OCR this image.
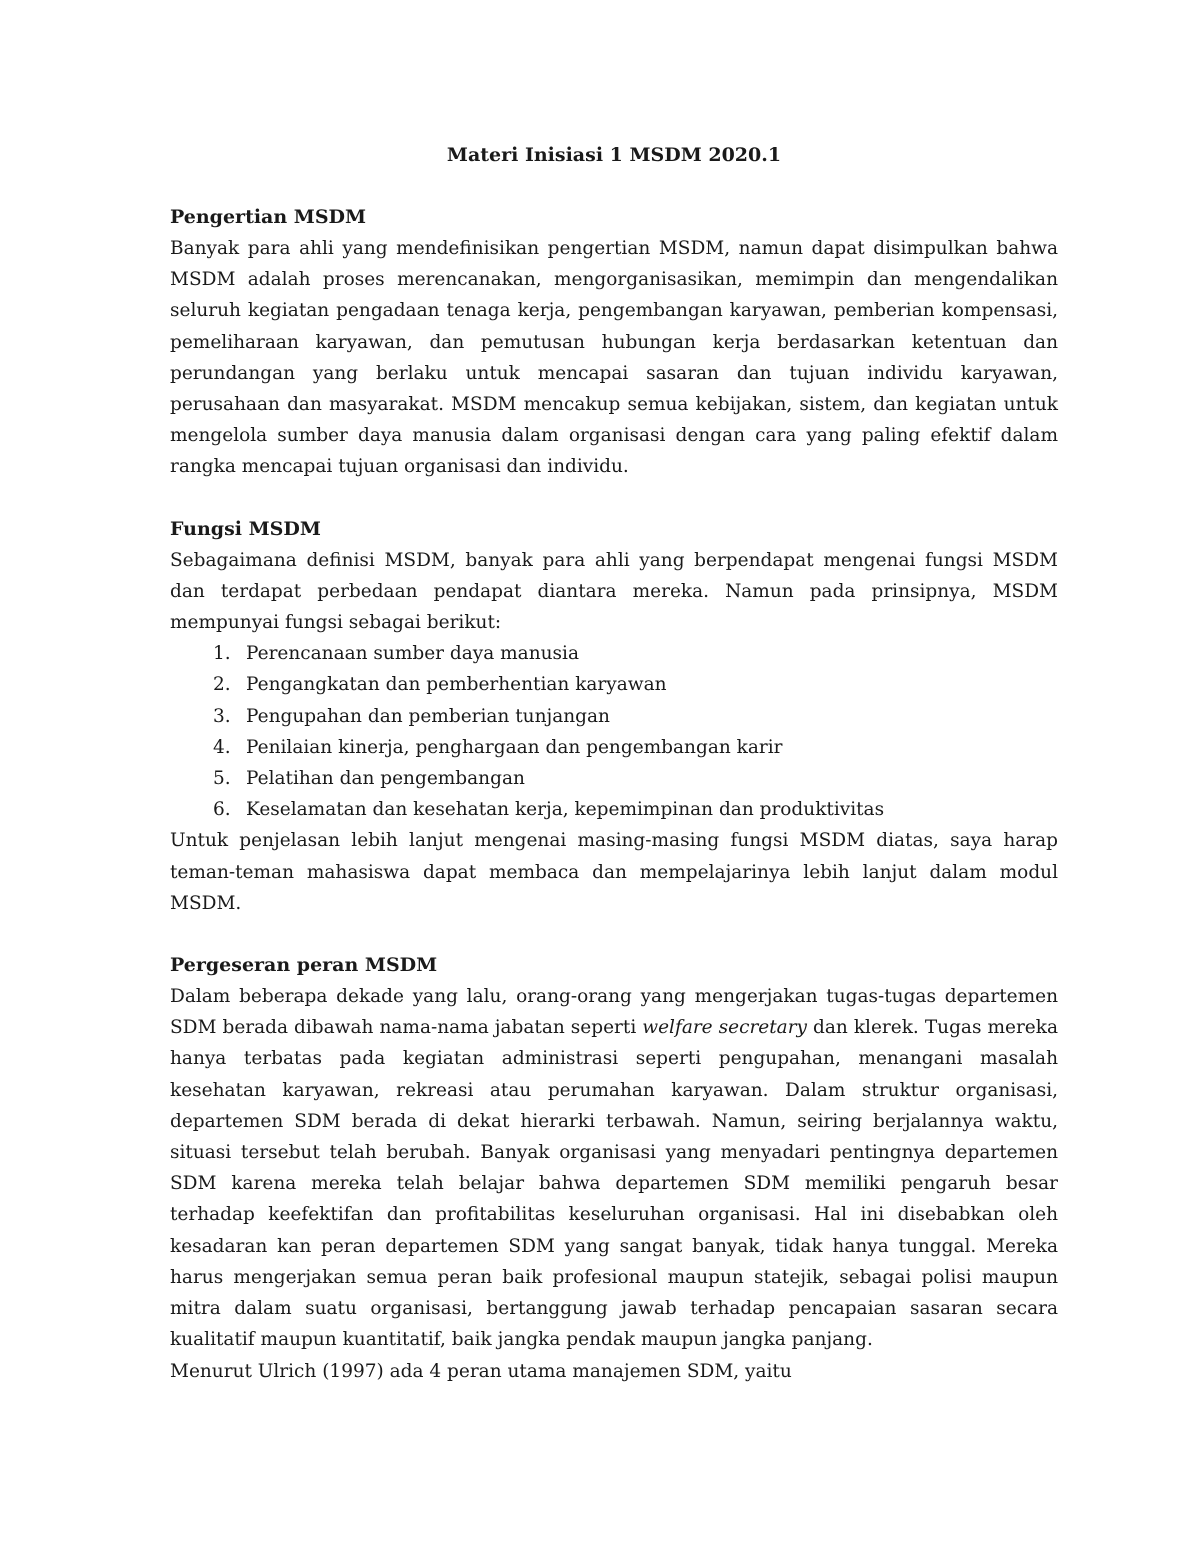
Materi Inisiasi 1 MSDM 2020.1
Pengertian MSDM

Banyak para ahli yang mendefinisikan pengertian MSDM, namun dapat disimpulkan bahwa MSDM adalah proses merencanakan, mengorganisasikan, memimpin dan mengendalikan seluruh kegiatan pengadaan tenaga kerja, pengembangan karyawan, pemberian kompensasi, pemeliharaan karyawan, dan pemutusan hubungan kerja berdasarkan ketentuan dan perundangan yang berlaku untuk mencapai sasaran dan tujuan individu karyawan, perusahaan dan masyarakat. MSDM mencakup semua kebijakan, sistem, dan kegiatan untuk mengelola sumber daya manusia dalam organisasi dengan cara yang paling efektif dalam rangka mencapai tujuan organisasi dan individu.

Fungsi MSDM

Sebagaimana definisi MSDM, banyak para ahli yang berpendapat mengenai fungsi MSDM dan terdapat perbedaan pendapat diantara mereka. Namun pada prinsipnya, MSDM mempunyai fungsi sebagai berikut:

1. Perencanaan sumber daya manusia
2. Pengangkatan dan pemberhentian karyawan
3. Pengupahan dan pemberian tunjangan
4. Penilaian kinerja, penghargaan dan pengembangan karir
5. Pelatihan dan pengembangan
6. Keselamatan dan kesehatan kerja, kepemimpinan dan produktivitas

Untuk penjelasan lebih lanjut mengenai masing-masing fungsi MSDM diatas, saya harap teman-teman mahasiswa dapat membaca dan mempelajarinya lebih lanjut dalam modul MSDM.

Pergeseran peran MSDM

Dalam beberapa dekade yang lalu, orang-orang yang mengerjakan tugas-tugas departemen SDM berada dibawah nama-nama jabatan seperti welfare secretary dan klerek. Tugas mereka hanya terbatas pada kegiatan administrasi seperti pengupahan, menangani masalah kesehatan karyawan, rekreasi atau perumahan karyawan. Dalam struktur organisasi, departemen SDM berada di dekat hierarki terbawah. Namun, seiring berjalannya waktu, situasi tersebut telah berubah. Banyak organisasi yang menyadari pentingnya departemen SDM karena mereka telah belajar bahwa departemen SDM memiliki pengaruh besar terhadap keefektifan dan profitabilitas keseluruhan organisasi. Hal ini disebabkan oleh kesadaran kan peran departemen SDM yang sangat banyak, tidak hanya tunggal. Mereka harus mengerjakan semua peran baik profesional maupun statejik, sebagai polisi maupun mitra dalam suatu organisasi, bertanggung jawab terhadap pencapaian sasaran secara kualitatif maupun kuantitatif, baik jangka pendak maupun jangka panjang.

Menurut Ulrich (1997) ada 4 peran utama manajemen SDM, yaitu
